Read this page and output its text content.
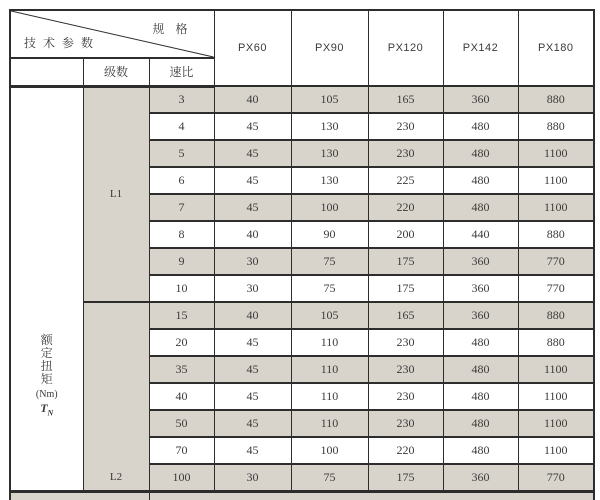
规 格
技 术 参 数			PX60	PX90	PX120	PX142	PX180
	级数	速比					

额
定
扭
矩
(Nm)
$T_N$
	L1	3	40	105	165	360	880
		4	45	130	230	480	880
		5	45	130	230	480	1100
		6	45	130	225	480	1100
		7	45	100	220	480	1100
		8	40	90	200	440	880
		9	30	75	175	360	770
		10	30	75	175	360	770
	L2	15	40	105	165	360	880
		20	45	110	230	480	880
		35	45	110	230	480	1100
		40	45	110	230	480	1100
		50	45	110	230	480	1100
		70	45	100	220	480	1100
		100	30	75	175	360	770
